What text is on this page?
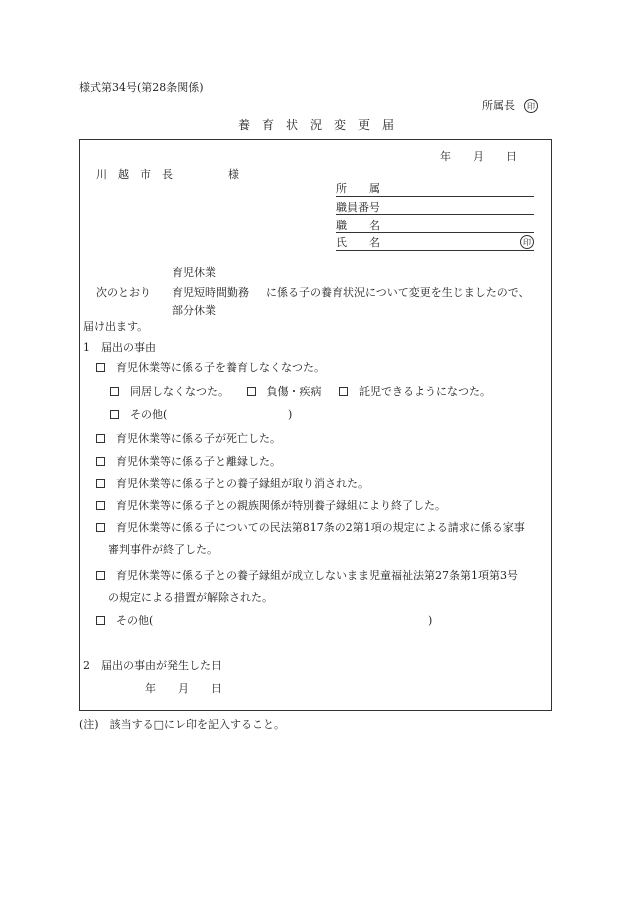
様式第34号(第28条関係)
所属長	印
養　育　状　況　変　更　届
年　　月　　日
川　越　市　長　　　　　様
所　　属
職員番号
職　　名
氏　　名	印
育児休業
次のとおり 育児短時間勤務 に係る子の養育状況について変更を生じましたので、
部分休業
届け出ます。
1　届出の事由
育児休業等に係る子を養育しなくなつた。
同居しなくなつた。	負傷・疾病	託児できるようになつた。
その他(	)
育児休業等に係る子が死亡した。
育児休業等に係る子と離縁した。
育児休業等に係る子との養子縁組が取り消された。
育児休業等に係る子との親族関係が特別養子縁組により終了した。
育児休業等に係る子についての民法第817条の2第1項の規定による請求に係る家事
審判事件が終了した。
育児休業等に係る子との養子縁組が成立しないまま児童福祉法第27条第1項第3号
の規定による措置が解除された。
その他(	)
2　届出の事由が発生した日
年　　月　　日
(注)　該当する□にレ印を記入すること。
